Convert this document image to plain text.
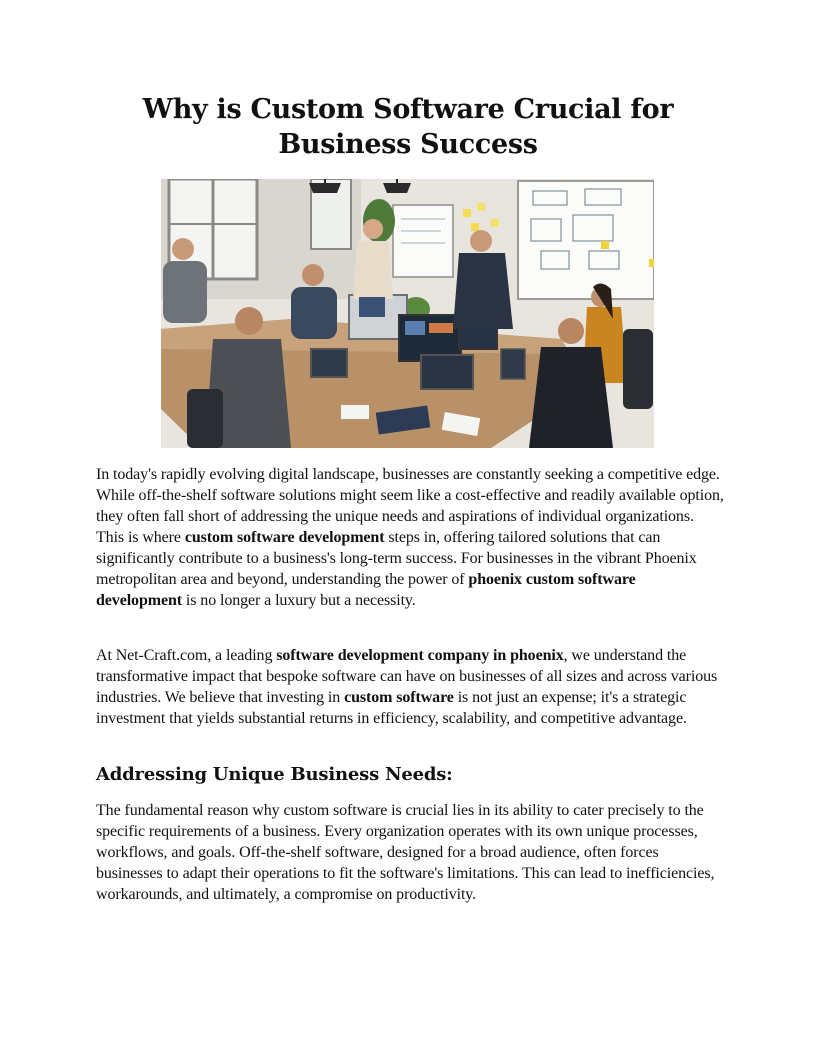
Why is Custom Software Crucial for Business Success

In today's rapidly evolving digital landscape, businesses are constantly seeking a competitive edge. While off-the-shelf software solutions might seem like a cost-effective and readily available option, they often fall short of addressing the unique needs and aspirations of individual organizations. This is where custom software development steps in, offering tailored solutions that can significantly contribute to a business's long-term success. For businesses in the vibrant Phoenix metropolitan area and beyond, understanding the power of phoenix custom software development is no longer a luxury but a necessity.

At Net-Craft.com, a leading software development company in phoenix, we understand the transformative impact that bespoke software can have on businesses of all sizes and across various industries. We believe that investing in custom software is not just an expense; it's a strategic investment that yields substantial returns in efficiency, scalability, and competitive advantage.

Addressing Unique Business Needs:

The fundamental reason why custom software is crucial lies in its ability to cater precisely to the specific requirements of a business. Every organization operates with its own unique processes, workflows, and goals. Off-the-shelf software, designed for a broad audience, often forces businesses to adapt their operations to fit the software's limitations. This can lead to inefficiencies, workarounds, and ultimately, a compromise on productivity.
